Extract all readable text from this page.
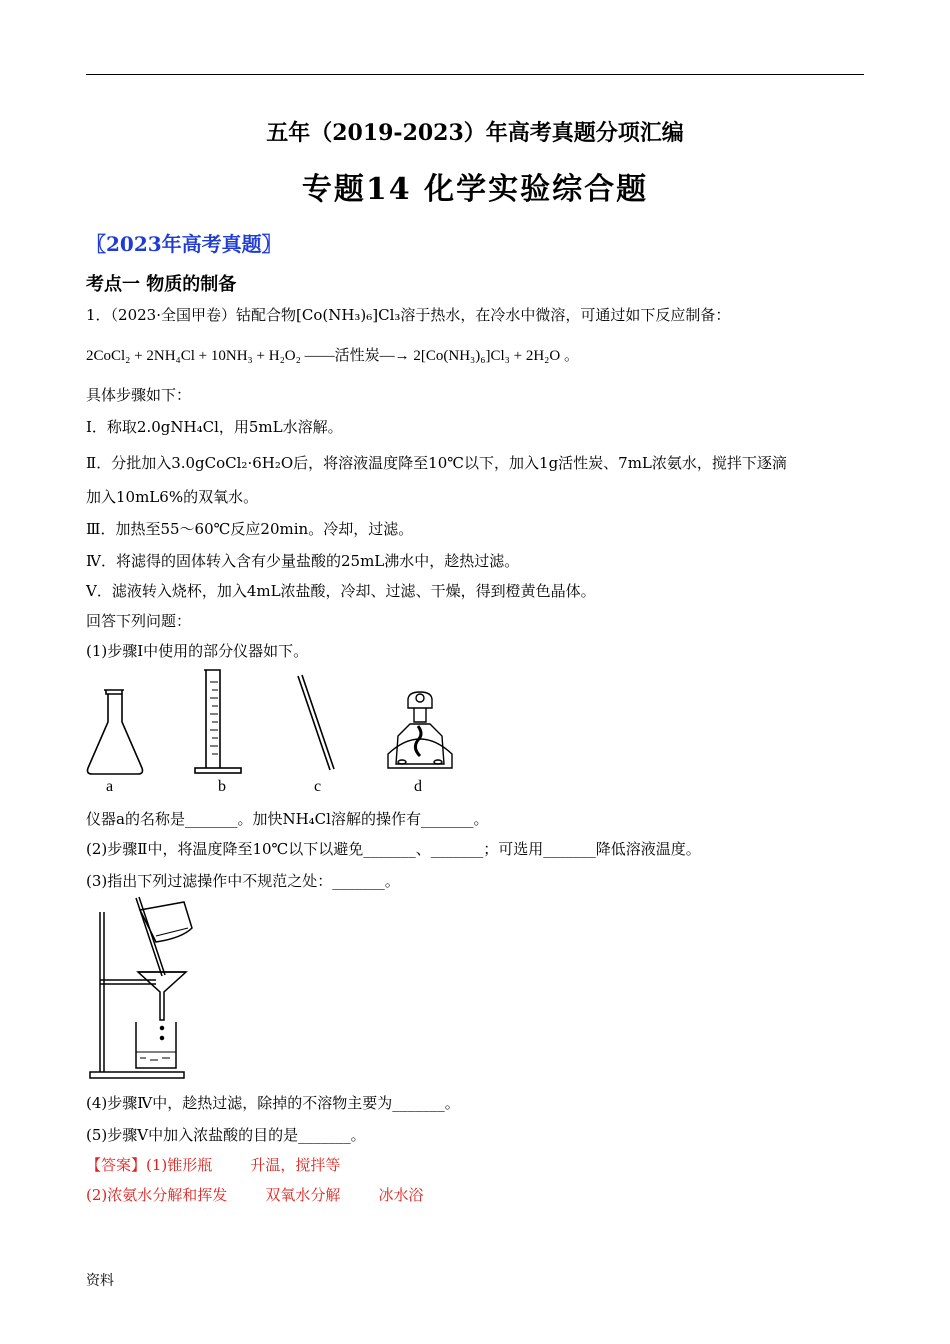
五年（2019-2023）年高考真题分项汇编
专题14 化学实验综合题
〖2023年高考真题〗
考点一 物质的制备
1．（2023·全国甲卷）钴配合物[Co(NH₃)₆]Cl₃溶于热水，在冷水中微溶，可通过如下反应制备：
2CoCl₂ + 2NH₄Cl + 10NH₃ + H₂O₂ ——活性炭—→ 2[Co(NH₃)₆]Cl₃ + 2H₂O 。
具体步骤如下：
Ⅰ．称取2.0gNH₄Cl，用5mL水溶解。
Ⅱ．分批加入3.0gCoCl₂·6H₂O后，将溶液温度降至10℃以下，加入1g活性炭、7mL浓氨水，搅拌下逐滴
加入10mL6%的双氧水。
Ⅲ．加热至55～60℃反应20min。冷却，过滤。
Ⅳ．将滤得的固体转入含有少量盐酸的25mL沸水中，趁热过滤。
Ⅴ．滤液转入烧杯，加入4mL浓盐酸，冷却、过滤、干燥，得到橙黄色晶体。
回答下列问题：
(1)步骤Ⅰ中使用的部分仪器如下。
a	b	c	d
仪器a的名称是_______。加快NH₄Cl溶解的操作有_______。
(2)步骤Ⅱ中，将温度降至10℃以下以避免_______、_______；可选用_______降低溶液温度。
(3)指出下列过滤操作中不规范之处：_______。
(4)步骤Ⅳ中，趁热过滤，除掉的不溶物主要为_______。
(5)步骤Ⅴ中加入浓盐酸的目的是_______。
【答案】(1)锥形瓶        升温，搅拌等
(2)浓氨水分解和挥发        双氧水分解        冰水浴
资料
